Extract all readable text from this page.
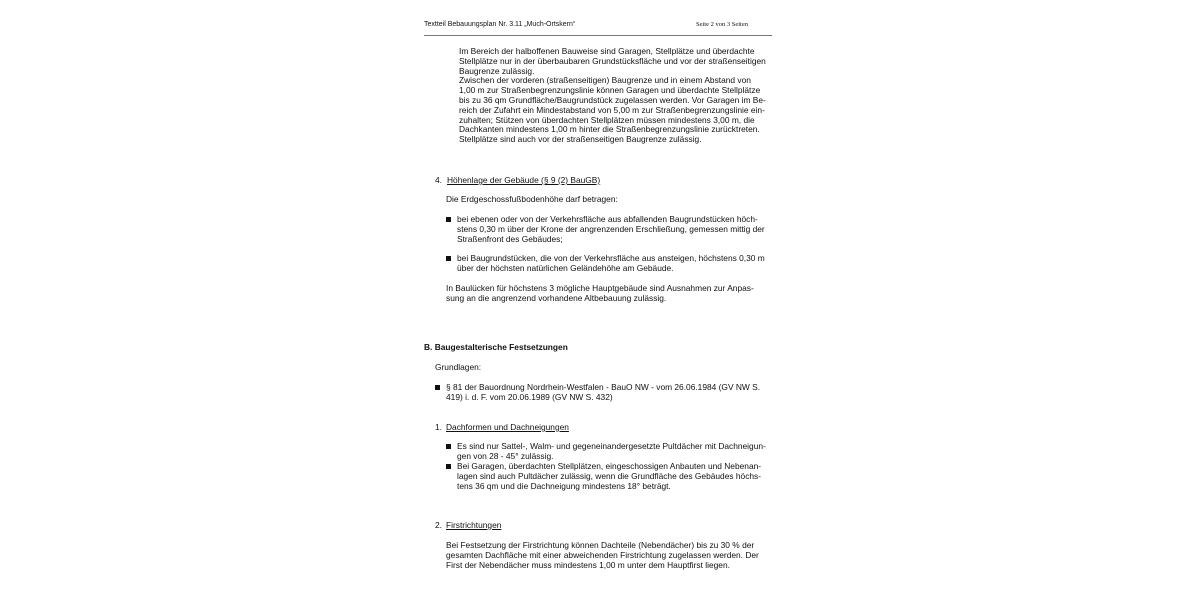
Textteil Bebauungsplan Nr. 3.11 „Much-Ortskern“	Seite 2 von 3 Seiten
Im Bereich der halboffenen Bauweise sind Garagen, Stellplätze und überdachte
Stellplätze nur in der überbaubaren Grundstücksfläche und vor der straßenseitigen
Baugrenze zulässig.
Zwischen der vorderen (straßenseitigen) Baugrenze und in einem Abstand von
1,00 m zur Straßenbegrenzungslinie können Garagen und überdachte Stellplätze
bis zu 36 qm Grundfläche/Baugrundstück zugelassen werden. Vor Garagen im Be-
reich der Zufahrt ein Mindestabstand von 5,00 m zur Straßenbegrenzungslinie ein-
zuhalten; Stützen von überdachten Stellplätzen müssen mindestens 3,00 m, die
Dachkanten mindestens 1,00 m hinter die Straßenbegrenzungslinie zurücktreten.
Stellplätze sind auch vor der straßenseitigen Baugrenze zulässig.
4. Höhenlage der Gebäude (§ 9 (2) BauGB)
Die Erdgeschossfußbodenhöhe darf betragen:
bei ebenen oder von der Verkehrsfläche aus abfallenden Baugrundstücken höch-
stens 0,30 m über der Krone der angrenzenden Erschließung, gemessen mittig der
Straßenfront des Gebäudes;
bei Baugrundstücken, die von der Verkehrsfläche aus ansteigen, höchstens 0,30 m
über der höchsten natürlichen Geländehöhe am Gebäude.
In Baulücken für höchstens 3 mögliche Hauptgebäude sind Ausnahmen zur Anpas-
sung an die angrenzend vorhandene Altbebauung zulässig.
B. Baugestalterische Festsetzungen
Grundlagen:
§ 81 der Bauordnung Nordrhein-Westfalen - BauO NW - vom 26.06.1984 (GV NW S.
419) i. d. F. vom 20.06.1989 (GV NW S. 432)
1. Dachformen und Dachneigungen
Es sind nur Sattel-, Walm- und gegeneinandergesetzte Pultdächer mit Dachneigun-
gen von 28 - 45° zulässig.
Bei Garagen, überdachten Stellplätzen, eingeschossigen Anbauten und Nebenan-
lagen sind auch Pultdächer zulässig, wenn die Grundfläche des Gebäudes höchs-
tens 36 qm und die Dachneigung mindestens 18° beträgt.
2. Firstrichtungen
Bei Festsetzung der Firstrichtung können Dachteile (Nebendächer) bis zu 30 % der
gesamten Dachfläche mit einer abweichenden Firstrichtung zugelassen werden. Der
First der Nebendächer muss mindestens 1,00 m unter dem Hauptfirst liegen.
